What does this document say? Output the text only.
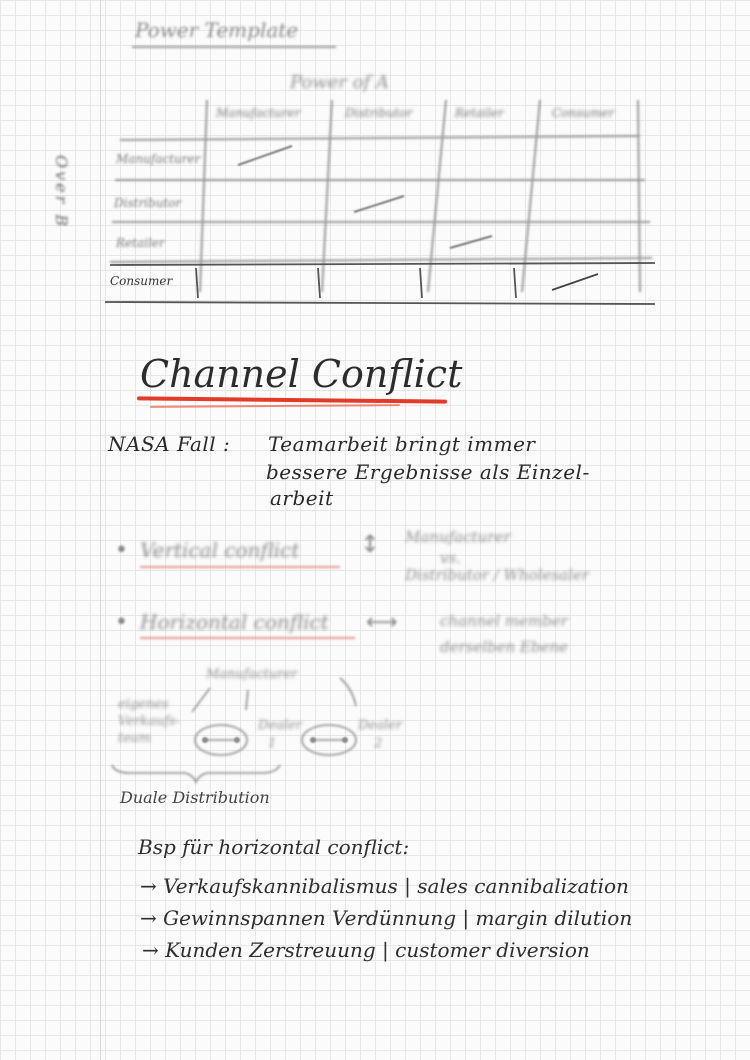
Power Template
Power of A
Over B
Manufacturer	Distributor	Retailer	Consumer
Manufacturer
Distributor
Retailer
Consumer
Channel Conflict
NASA Fall : Teamarbeit bringt immer
bessere Ergebnisse als Einzel-
arbeit
• Vertical conflict	↕ Manufacturer
vs.
Distributor / Wholesaler
• Horizontal conflict ⟷	channel member
derselben Ebene
Manufacturer
eigenes
Verkaufs-
team
Dealer
1
Dealer
2
Duale Distribution
Bsp für horizontal conflict:
→ Verkaufskannibalismus | sales cannibalization
→ Gewinnspannen Verdünnung | margin dilution
→ Kunden Zerstreuung | customer diversion
